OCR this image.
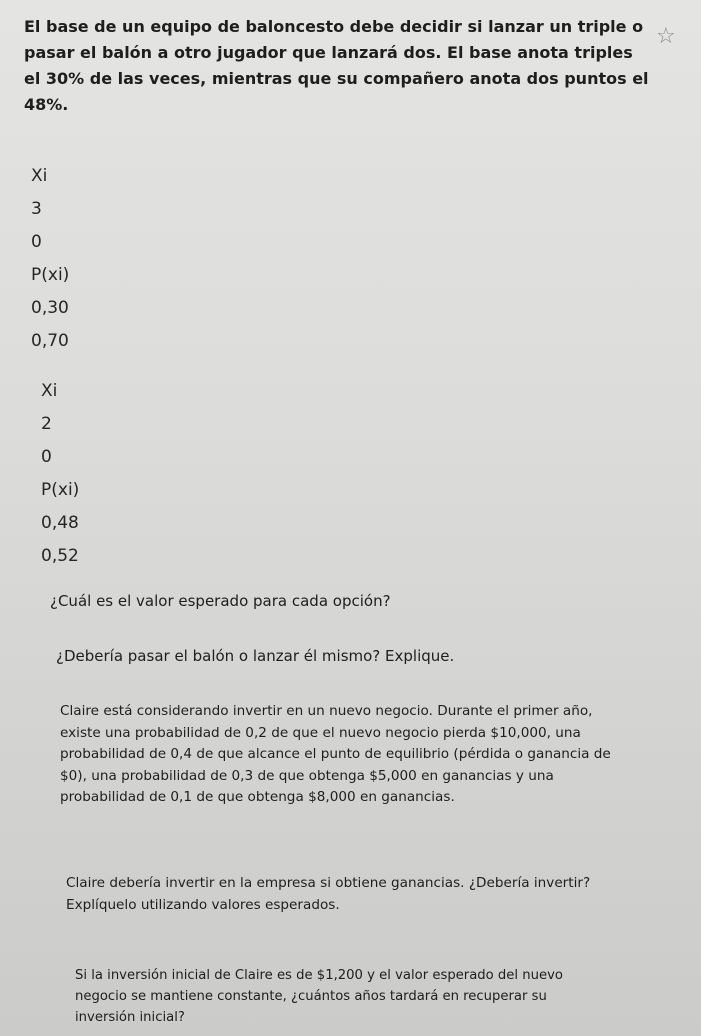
☆

El base de un equipo de baloncesto debe decidir si lanzar un triple o pasar el balón a otro jugador que lanzará dos. El base anota triples el 30% de las veces, mientras que su compañero anota dos puntos el 48%.

Xi
3
0
P(xi)
0,30
0,70
Xi
2
0
P(xi)
0,48
0,52

¿Cuál es el valor esperado para cada opción?

¿Debería pasar el balón o lanzar él mismo? Explique.

Claire está considerando invertir en un nuevo negocio. Durante el primer año, existe una probabilidad de 0,2 de que el nuevo negocio pierda $10,000, una probabilidad de 0,4 de que alcance el punto de equilibrio (pérdida o ganancia de $0), una probabilidad de 0,3 de que obtenga $5,000 en ganancias y una probabilidad de 0,1 de que obtenga $8,000 en ganancias.

Claire debería invertir en la empresa si obtiene ganancias. ¿Debería invertir? Explíquelo utilizando valores esperados.

Si la inversión inicial de Claire es de $1,200 y el valor esperado del nuevo negocio se mantiene constante, ¿cuántos años tardará en recuperar su inversión inicial?
